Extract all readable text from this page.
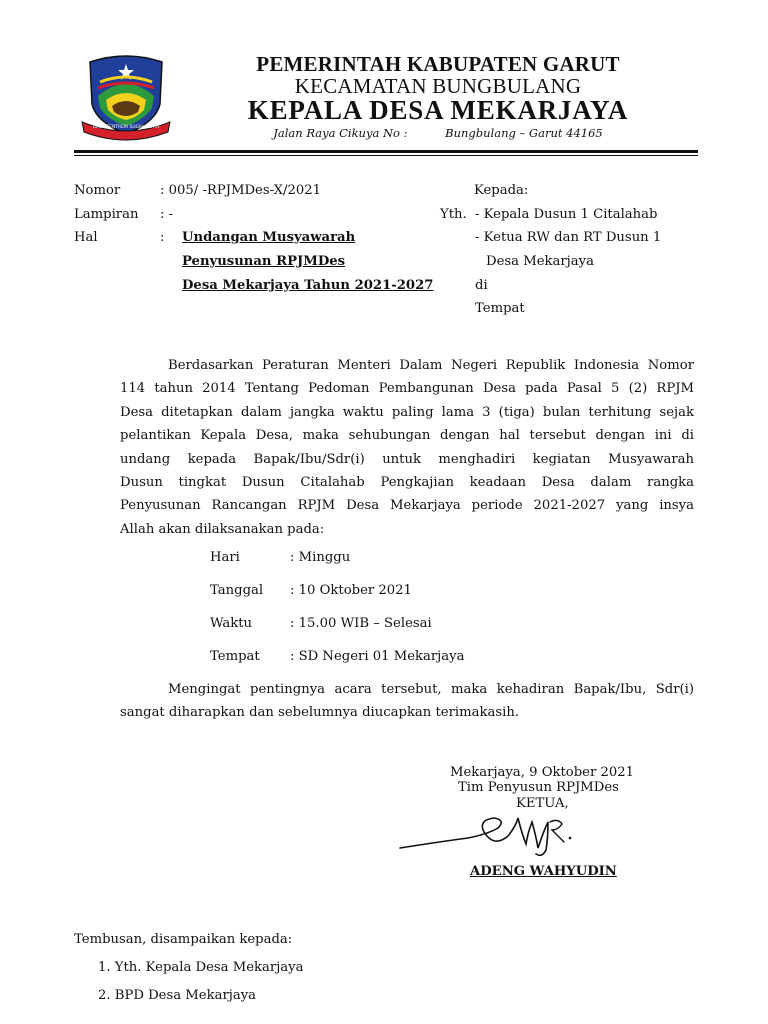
DESA TENTREM SUGIH KARYA
PEMERINTAH KABUPATEN GARUT
KECAMATAN BUNGBULANG
KEPALA DESA MEKARJAYA
Jalan Raya Cikuya No :	Bungbulang – Garut 44165
Nomor	: 005/ -RPJMDes-X/2021
Lampiran : -
Hal	: Undangan Musyawarah
Penyusunan RPJMDes
Desa Mekarjaya Tahun 2021-2027
Kepada:
Yth. - Kepala Dusun 1 Citalahab
- Ketua RW dan RT Dusun 1
Desa Mekarjaya
di
Tempat
Berdasarkan Peraturan Menteri Dalam Negeri Republik Indonesia Nomor
114 tahun 2014 Tentang Pedoman Pembangunan Desa pada Pasal 5 (2) RPJM
Desa ditetapkan dalam jangka waktu paling lama 3 (tiga) bulan terhitung sejak
pelantikan Kepala Desa, maka sehubungan dengan hal tersebut dengan ini di
undang kepada Bapak/Ibu/Sdr(i) untuk menghadiri kegiatan Musyawarah
Dusun tingkat Dusun Citalahab Pengkajian keadaan Desa dalam rangka
Penyusunan Rancangan RPJM Desa Mekarjaya periode 2021-2027 yang insya
Allah akan dilaksanakan pada:
Hari	: Minggu
Tanggal : 10 Oktober 2021
Waktu	: 15.00 WIB – Selesai
Tempat : SD Negeri 01 Mekarjaya
Mengingat pentingnya acara tersebut, maka kehadiran Bapak/Ibu, Sdr(i)
sangat diharapkan dan sebelumnya diucapkan terimakasih.
Mekarjaya, 9 Oktober 2021
Tim Penyusun RPJMDes
KETUA,
ADENG WAHYUDIN
Tembusan, disampaikan kepada:
1. Yth. Kepala Desa Mekarjaya
2. BPD Desa Mekarjaya
